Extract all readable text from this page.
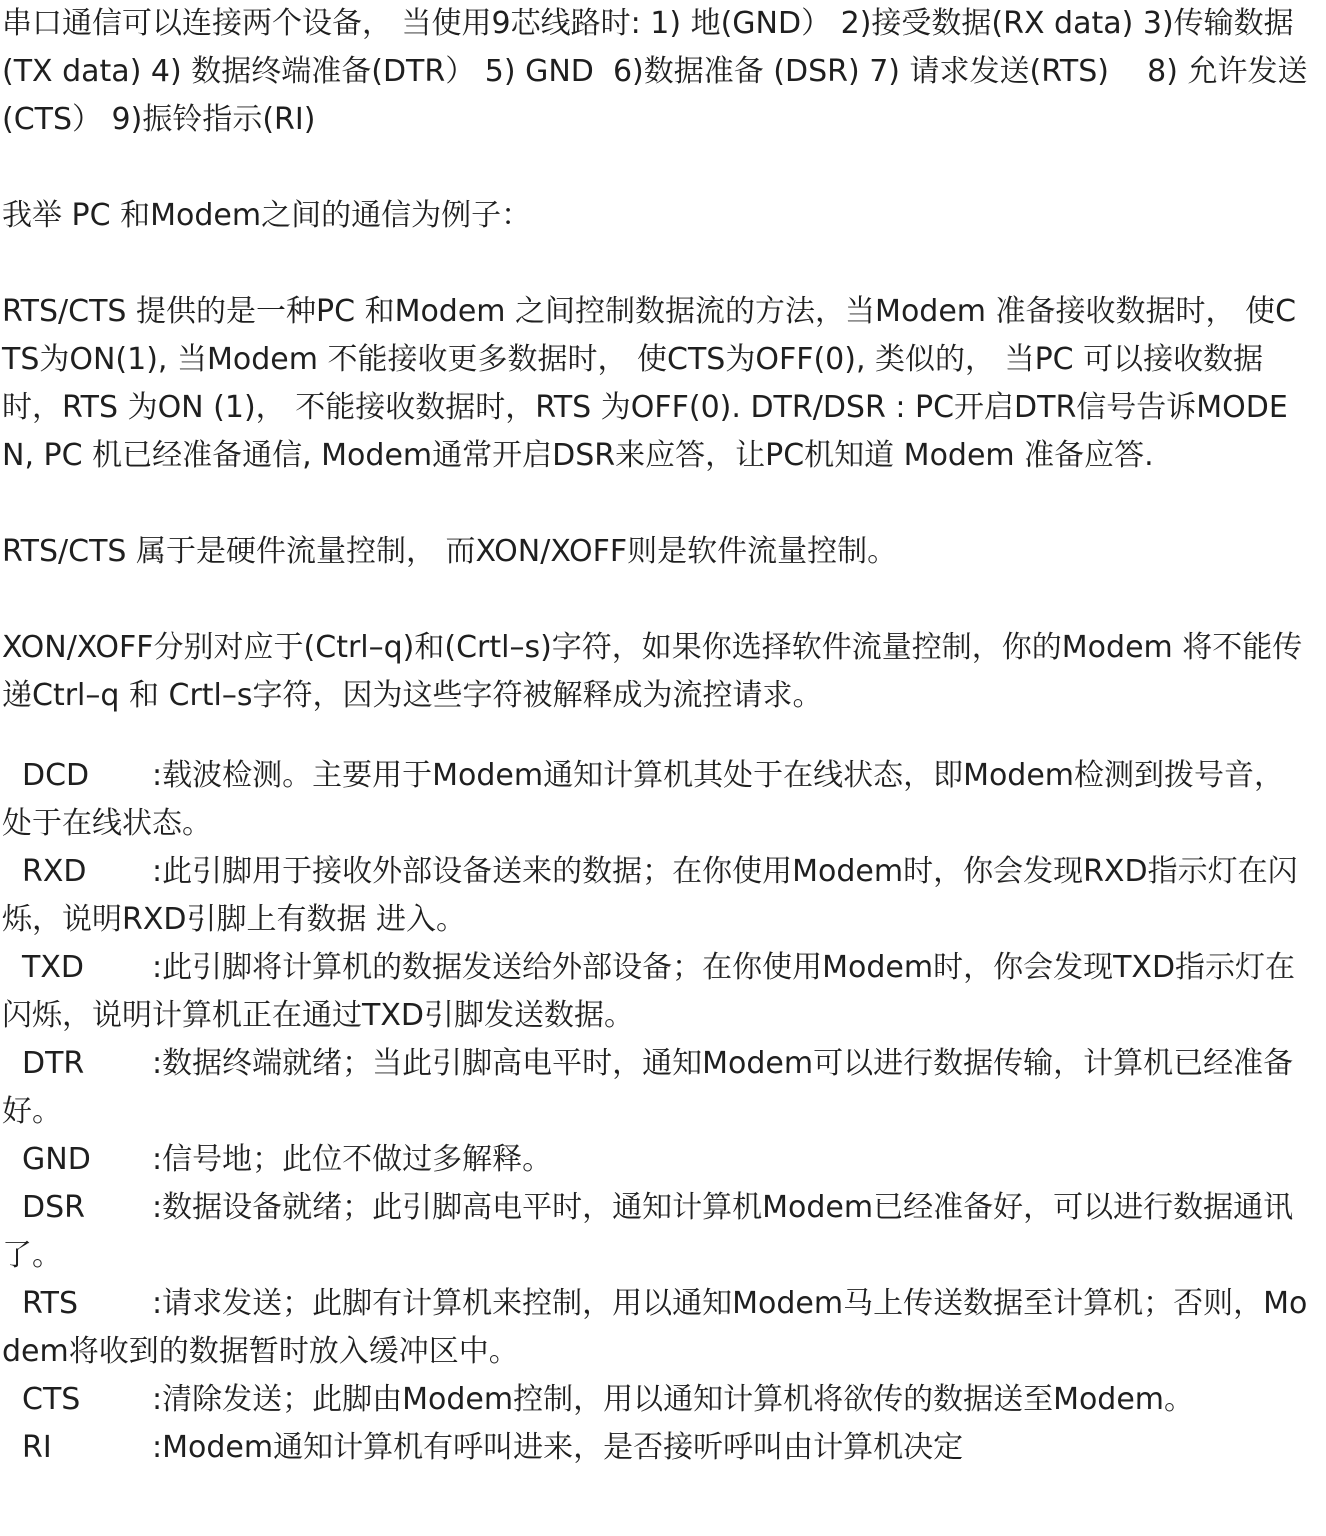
串口通信可以连接两个设备， 当使用9芯线路时: 1) 地(GND） 2)接受数据(RX data) 3)传输数据 (TX data) 4) 数据终端准备(DTR） 5) GND  6)数据准备 (DSR) 7) 请求发送(RTS)    8) 允许发送(CTS） 9)振铃指示(RI)

我举 PC 和Modem之间的通信为例子：

RTS/CTS 提供的是一种PC 和Modem 之间控制数据流的方法，当Modem 准备接收数据时， 使CTS为ON(1), 当Modem 不能接收更多数据时， 使CTS为OFF(0), 类似的， 当PC 可以接收数据时，RTS 为ON (1)， 不能接收数据时，RTS 为OFF(0). DTR/DSR : PC开启DTR信号告诉MODEN, PC 机已经准备通信, Modem通常开启DSR来应答，让PC机知道 Modem 准备应答.

RTS/CTS 属于是硬件流量控制， 而XON/XOFF则是软件流量控制。

XON/XOFF分别对应于(Ctrl–q)和(Crtl–s)字符，如果你选择软件流量控制，你的Modem 将不能传递Ctrl–q 和 Crtl–s字符，因为这些字符被解释成为流控请求。

DCD :载波检测。主要用于Modem通知计算机其处于在线状态，即Modem检测到拨号音， 处于在线状态。

RXD :此引脚用于接收外部设备送来的数据；在你使用Modem时，你会发现RXD指示灯在闪烁，说明RXD引脚上有数据 进入。

TXD :此引脚将计算机的数据发送给外部设备；在你使用Modem时，你会发现TXD指示灯在闪烁，说明计算机正在通过TXD引脚发送数据。

DTR :数据终端就绪；当此引脚高电平时，通知Modem可以进行数据传输，计算机已经准备好。

GND :信号地；此位不做过多解释。

DSR :数据设备就绪；此引脚高电平时，通知计算机Modem已经准备好，可以进行数据通讯了。

RTS :请求发送；此脚有计算机来控制，用以通知Modem马上传送数据至计算机；否则，Modem将收到的数据暂时放入缓冲区中。

CTS :清除发送；此脚由Modem控制，用以通知计算机将欲传的数据送至Modem。

RI	:Modem通知计算机有呼叫进来，是否接听呼叫由计算机决定
